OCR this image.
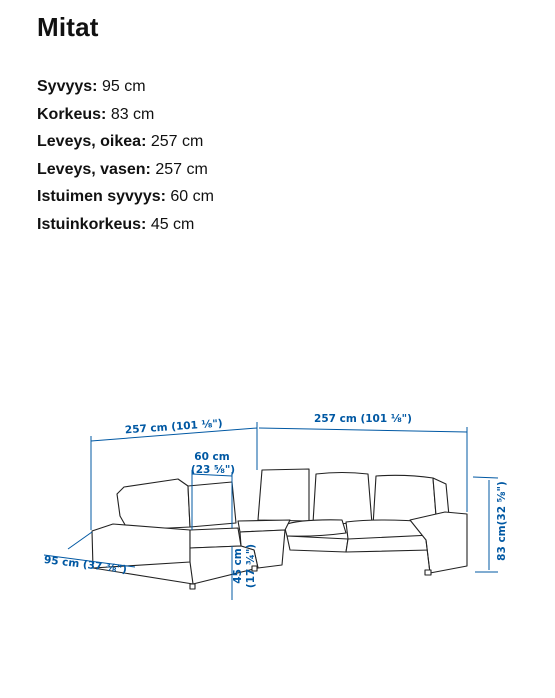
Mitat
Syvyys: 95 cm
Korkeus: 83 cm
Leveys, oikea: 257 cm
Leveys, vasen: 257 cm
Istuimen syvyys: 60 cm
Istuinkorkeus: 45 cm
257 cm (101 ⅛")	257 cm (101 ⅛")
60 cm
(23 ⅝")
95 cm (37 ⅜")	45 cm (17 ¾")
83 cm(32 ⅝")
